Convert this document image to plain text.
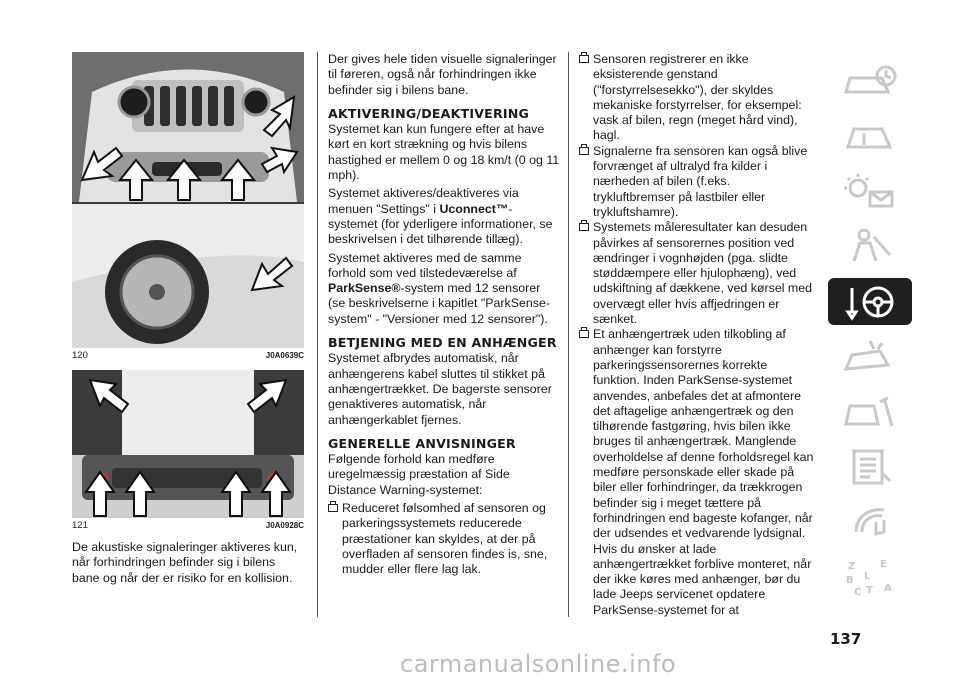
120	J0A0639C
121	J0A0928C

De akustiske signaleringer aktiveres kun, når forhindringen befinder sig i bilens bane og når der er risiko for en kollision.

Der gives hele tiden visuelle signaleringer til føreren, også når forhindringen ikke befinder sig i bilens bane.

AKTIVERING/DEAKTIVERING

Systemet kan kun fungere efter at have kørt en kort strækning og hvis bilens hastighed er mellem 0 og 18 km/t (0 og 11 mph).

Systemet aktiveres/deaktiveres via menuen "Settings" i Uconnect™-systemet (for yderligere informationer, se beskrivelsen i det tilhørende tillæg).

Systemet aktiveres med de samme forhold som ved tilstedeværelse af ParkSense®-system med 12 sensorer (se beskrivelserne i kapitlet "ParkSense-system" - "Versioner med 12 sensorer").

BETJENING MED EN ANHÆNGER

Systemet afbrydes automatisk, når anhængerens kabel sluttes til stikket på anhængertrækket. De bagerste sensorer genaktiveres automatisk, når anhængerkablet fjernes.

GENERELLE ANVISNINGER

Følgende forhold kan medføre uregelmæssig præstation af Side Distance Warning-systemet:

Reduceret følsomhed af sensoren og parkeringssystemets reducerede præstationer kan skyldes, at der på overfladen af sensoren findes is, sne, mudder eller flere lag lak.
Sensoren registrerer en ikke eksisterende genstand ("forstyrrelsesekko"), der skyldes mekaniske forstyrrelser, for eksempel: vask af bilen, regn (meget hård vind), hagl.
Signalerne fra sensoren kan også blive forvrænget af ultralyd fra kilder i nærheden af bilen (f.eks. trykluftbremser på lastbiler eller trykluftshamre).
Systemets måleresultater kan desuden påvirkes af sensorernes position ved ændringer i vognhøjden (pga. slidte støddæmpere eller hjulophæng), ved udskiftning af dækkene, ved kørsel med overvægt eller hvis affjedringen er sænket.
Et anhængertræk uden tilkobling af anhænger kan forstyrre parkeringssensorernes korrekte funktion. Inden ParkSense-systemet anvendes, anbefales det at afmontere det aftagelige anhængertræk og den tilhørende fastgøring, hvis bilen ikke bruges til anhængertræk. Manglende overholdelse af denne forholdsregel kan medføre personskade eller skade på biler eller forhindringer, da trækkrogen befinder sig i meget tættere på forhindringen end bageste kofanger, når der udsendes et vedvarende lydsignal. Hvis du ønsker at lade anhængertrækket forblive monteret, når der ikke køres med anhænger, bør du lade Jeeps servicenet opdatere ParkSense-systemet for at
Z E
B L
C T A
137
carmanualsonline.info
